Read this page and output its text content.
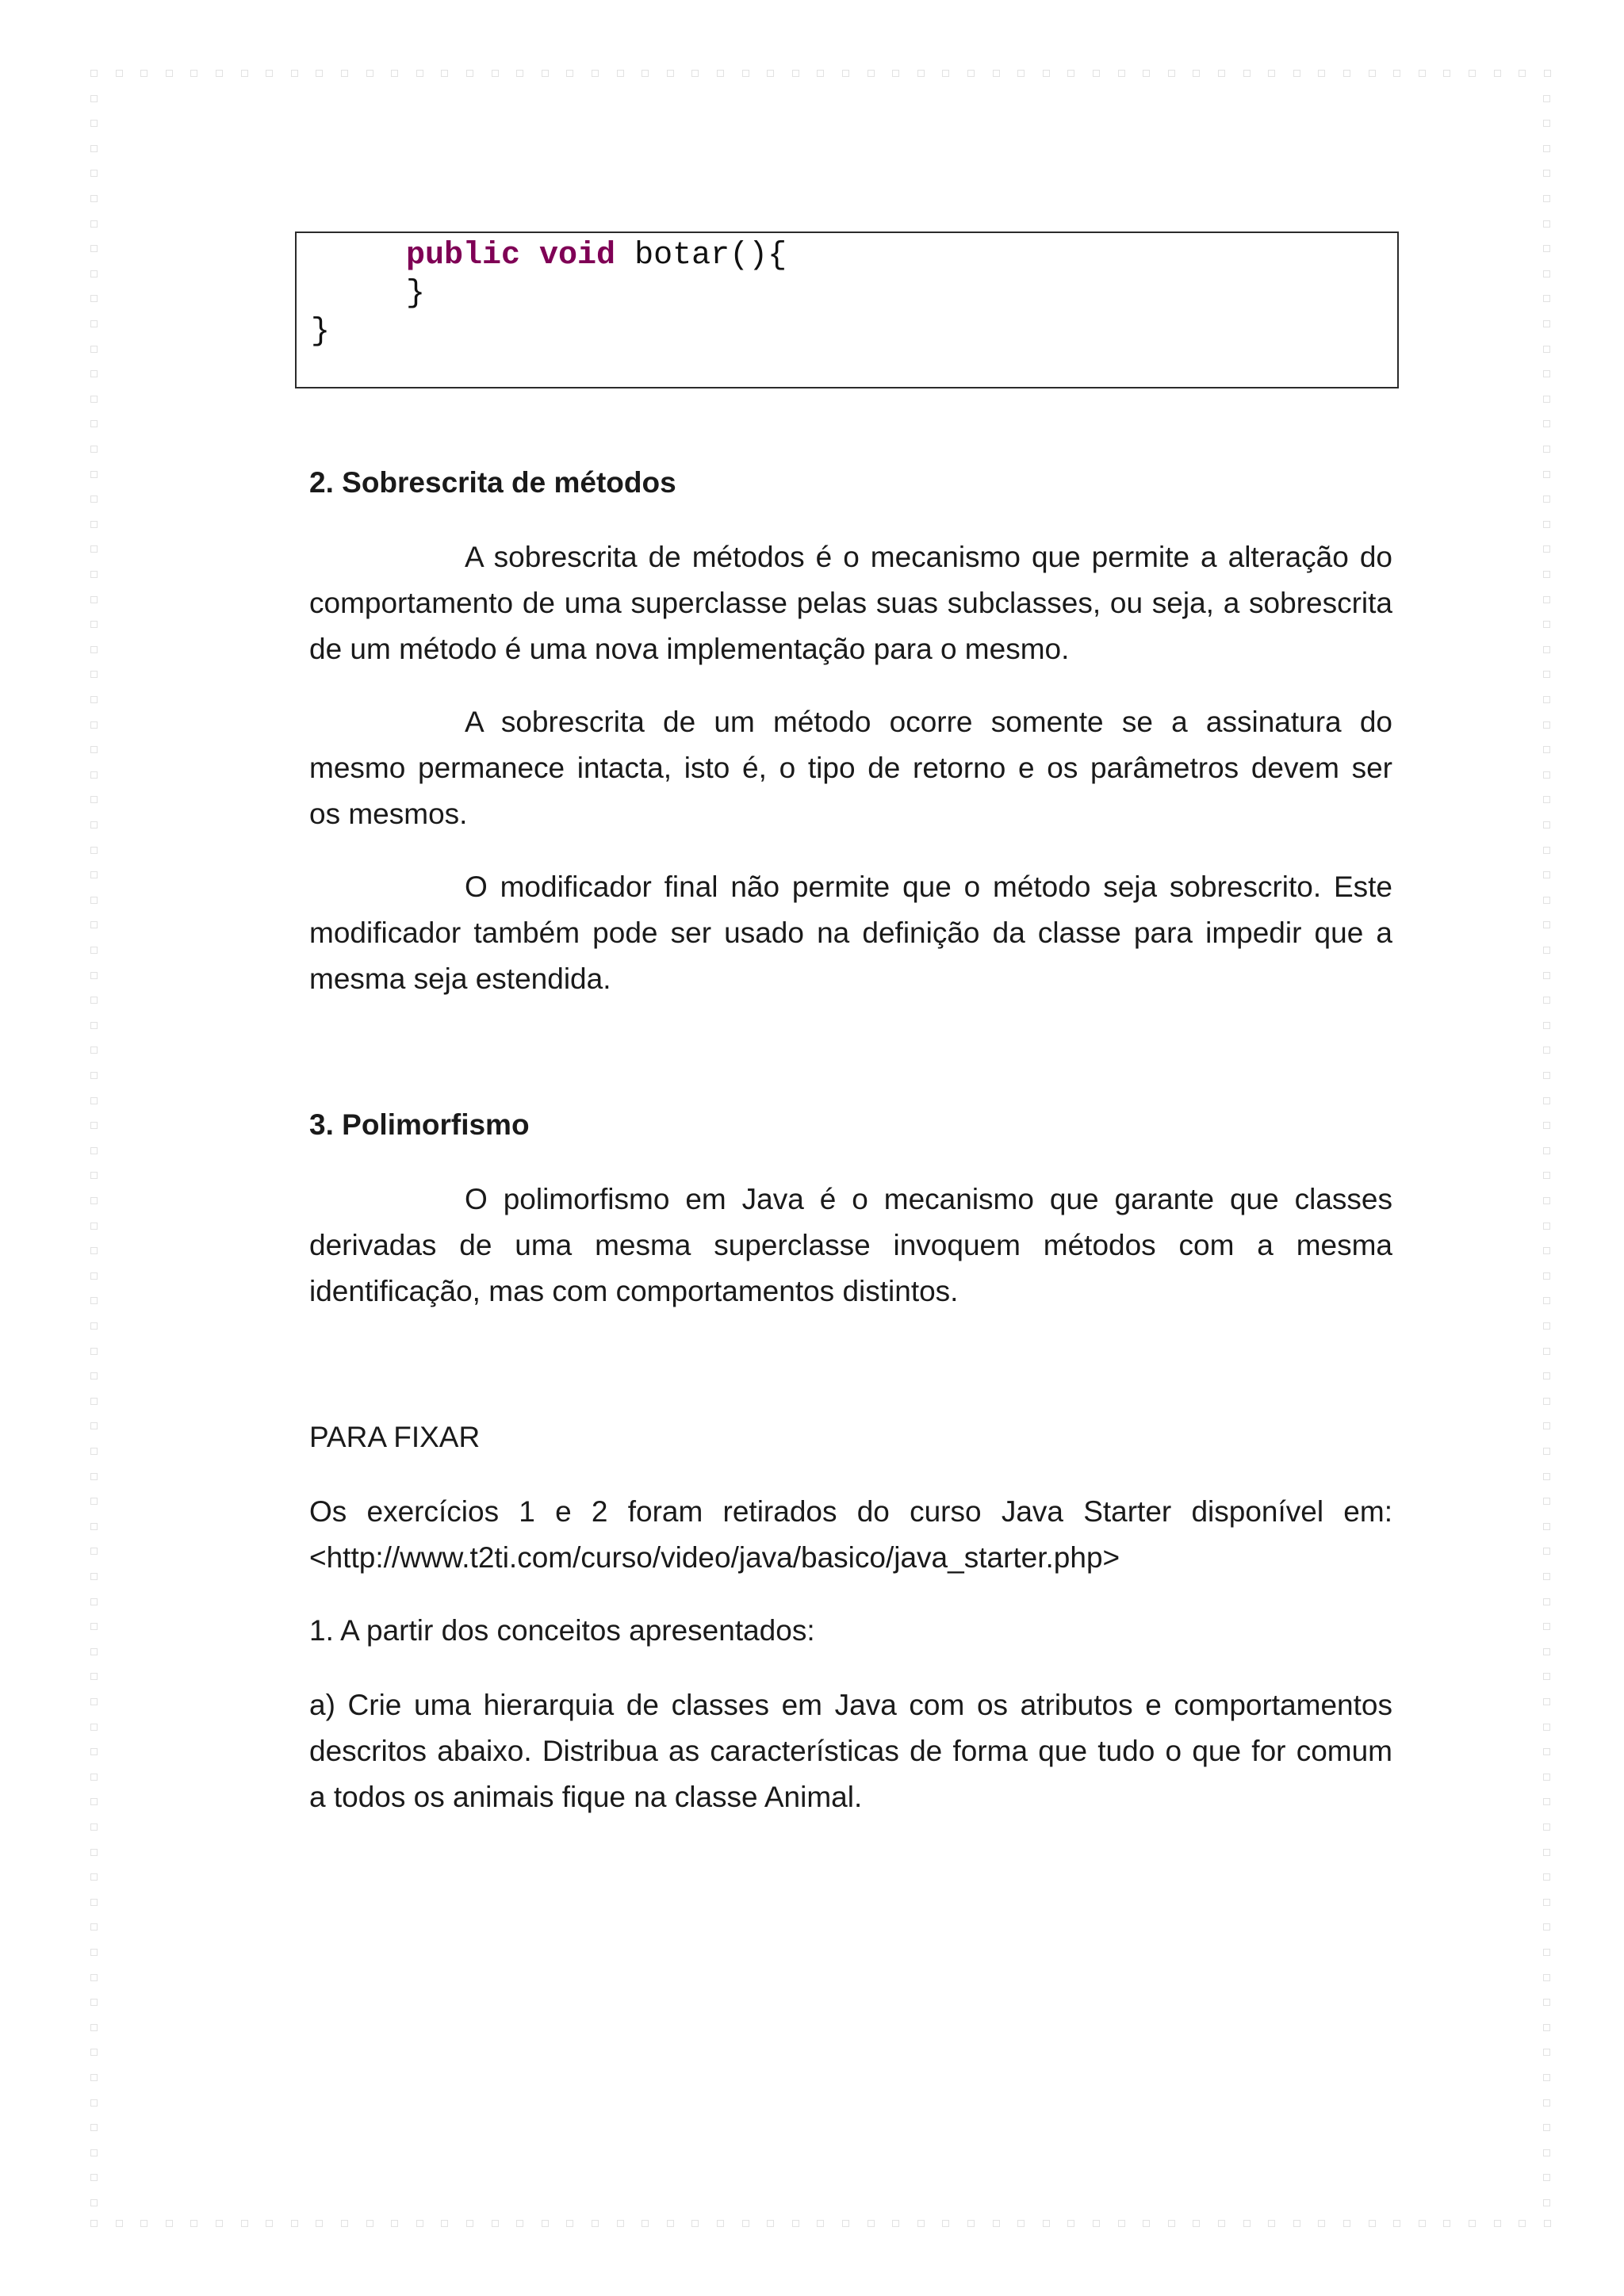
public void botar(){
}
}
2. Sobrescrita de métodos
A sobrescrita de métodos é o mecanismo que permite a alteração do
comportamento de uma superclasse pelas suas subclasses, ou seja, a sobrescrita
de um método é uma nova implementação para o mesmo.
A sobrescrita de um método ocorre somente se a assinatura do
mesmo permanece intacta, isto é, o tipo de retorno e os parâmetros devem ser
os mesmos.
O modificador final não permite que o método seja sobrescrito. Este
modificador também pode ser usado na definição da classe para impedir que a
mesma seja estendida.
3. Polimorfismo
O polimorfismo em Java é o mecanismo que garante que classes
derivadas de uma mesma superclasse invoquem métodos com a mesma
identificação, mas com comportamentos distintos.
PARA FIXAR
Os exercícios 1 e 2 foram retirados do curso Java Starter disponível em:
<http://www.t2ti.com/curso/video/java/basico/java_starter.php>
1. A partir dos conceitos apresentados:
a) Crie uma hierarquia de classes em Java com os atributos e comportamentos
descritos abaixo. Distribua as características de forma que tudo o que for comum
a todos os animais fique na classe Animal.
